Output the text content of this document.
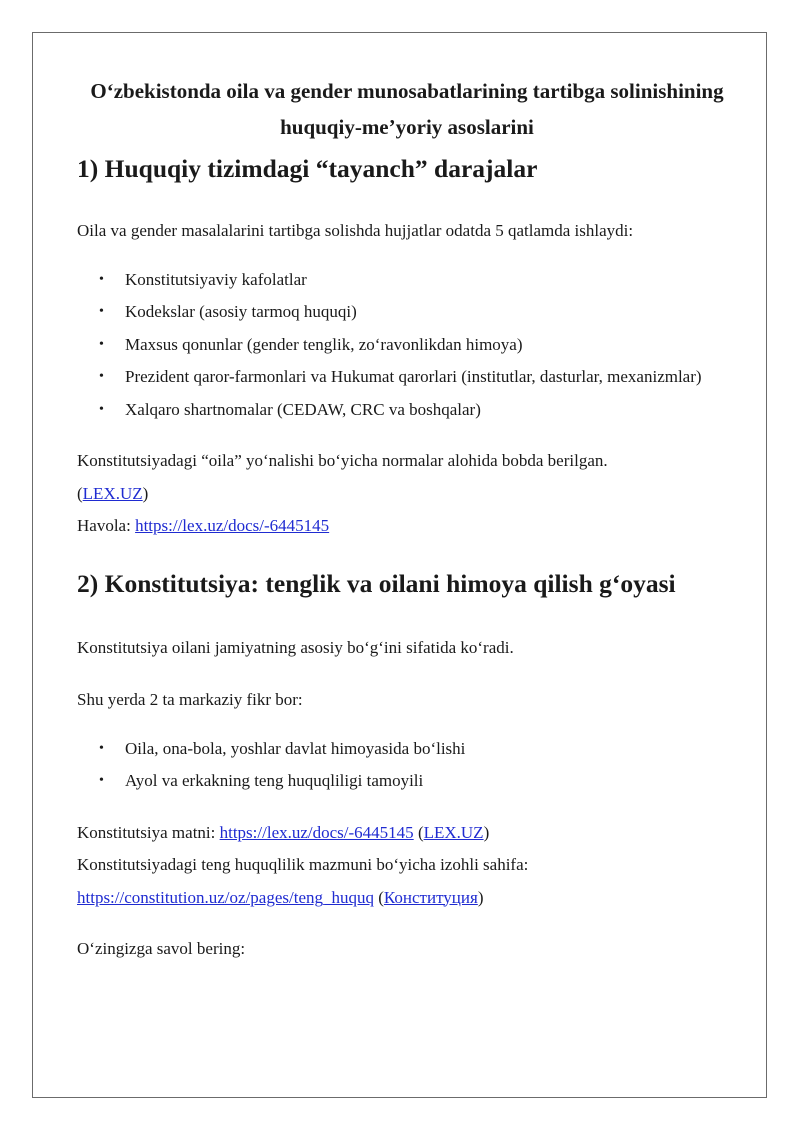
O‘zbekistonda oila va gender munosabatlarining tartibga solinishining huquqiy-me’yoriy asoslarini

1) Huquqiy tizimdagi “tayanch” darajalar

Oila va gender masalalarini tartibga solishda hujjatlar odatda 5 qatlamda ishlaydi:

• Konstitutsiyaviy kafolatlar
• Kodekslar (asosiy tarmoq huquqi)
• Maxsus qonunlar (gender tenglik, zo‘ravonlikdan himoya)
• Prezident qaror-farmonlari va Hukumat qarorlari (institutlar, dasturlar, mexanizmlar)
• Xalqaro shartnomalar (CEDAW, CRC va boshqalar)

Konstitutsiyadagi “oila” yo‘nalishi bo‘yicha normalar alohida bobda berilgan.
(LEX.UZ)
Havola: https://lex.uz/docs/-6445145

2) Konstitutsiya: tenglik va oilani himoya qilish g‘oyasi

Konstitutsiya oilani jamiyatning asosiy bo‘g‘ini sifatida ko‘radi.

Shu yerda 2 ta markaziy fikr bor:

• Oila, ona-bola, yoshlar davlat himoyasida bo‘lishi
• Ayol va erkakning teng huquqliligi tamoyili

Konstitutsiya matni: https://lex.uz/docs/-6445145 (LEX.UZ)
Konstitutsiyadagi teng huquqlilik mazmuni bo‘yicha izohli sahifa:
https://constitution.uz/oz/pages/teng_huquq (Конституция)

O‘zingizga savol bering:
